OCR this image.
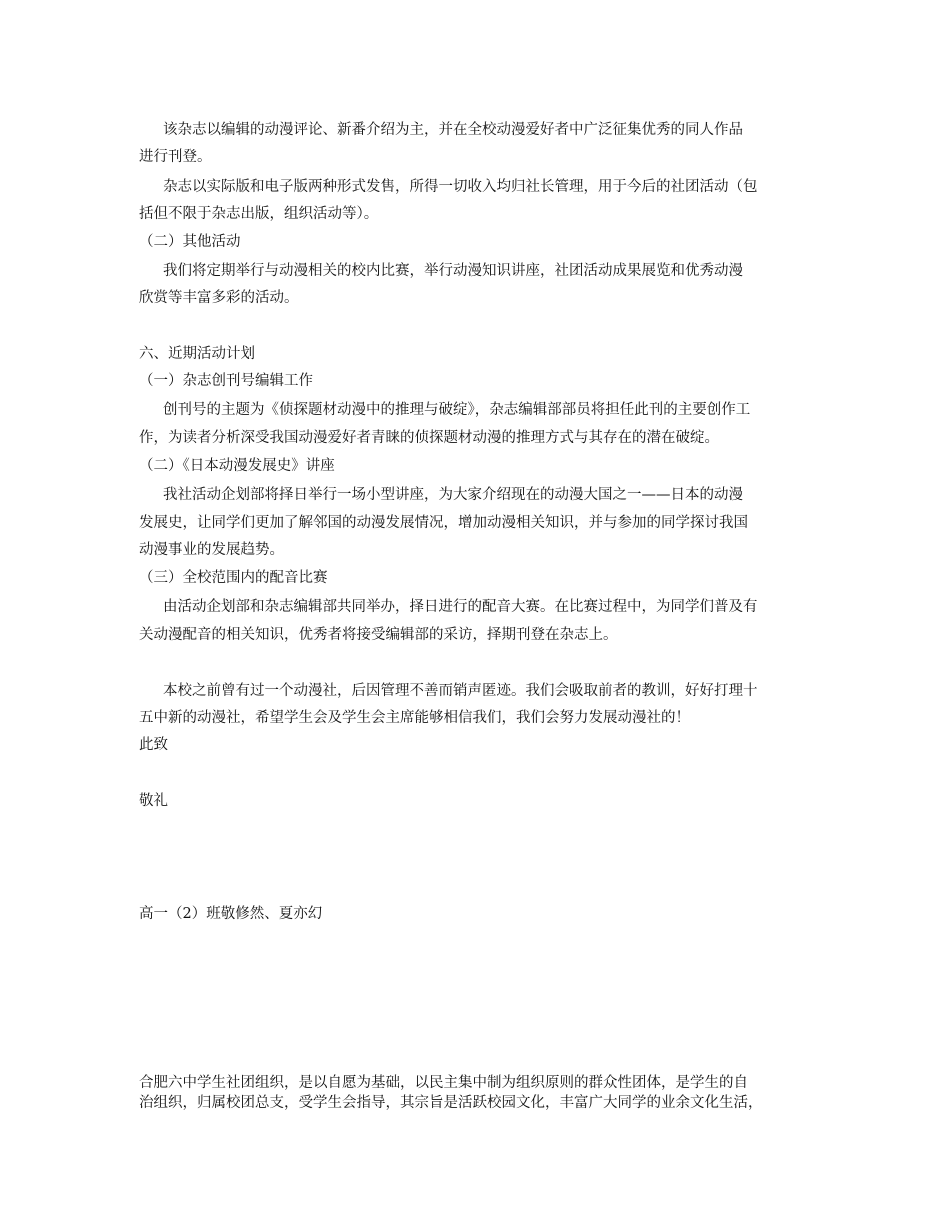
该杂志以编辑的动漫评论、新番介绍为主，并在全校动漫爱好者中广泛征集优秀的同人作品
进行刊登。
杂志以实际版和电子版两种形式发售，所得一切收入均归社长管理，用于今后的社团活动（包
括但不限于杂志出版，组织活动等）。
（二）其他活动
我们将定期举行与动漫相关的校内比赛，举行动漫知识讲座，社团活动成果展览和优秀动漫
欣赏等丰富多彩的活动。
六、近期活动计划
（一）杂志创刊号编辑工作
创刊号的主题为《侦探题材动漫中的推理与破绽》，杂志编辑部部员将担任此刊的主要创作工
作，为读者分析深受我国动漫爱好者青睐的侦探题材动漫的推理方式与其存在的潜在破绽。
（二）《日本动漫发展史》讲座
我社活动企划部将择日举行一场小型讲座，为大家介绍现在的动漫大国之一——日本的动漫
发展史，让同学们更加了解邻国的动漫发展情况，增加动漫相关知识，并与参加的同学探讨我国
动漫事业的发展趋势。
（三）全校范围内的配音比赛
由活动企划部和杂志编辑部共同举办，择日进行的配音大赛。在比赛过程中，为同学们普及有
关动漫配音的相关知识，优秀者将接受编辑部的采访，择期刊登在杂志上。
本校之前曾有过一个动漫社，后因管理不善而销声匿迹。我们会吸取前者的教训，好好打理十
五中新的动漫社，希望学生会及学生会主席能够相信我们，我们会努力发展动漫社的！
此致
敬礼
高一（2）班敬修然、夏亦幻
合肥六中学生社团组织，是以自愿为基础，以民主集中制为组织原则的群众性团体，是学生的自
治组织，归属校团总支，受学生会指导，其宗旨是活跃校园文化，丰富广大同学的业余文化生活，
